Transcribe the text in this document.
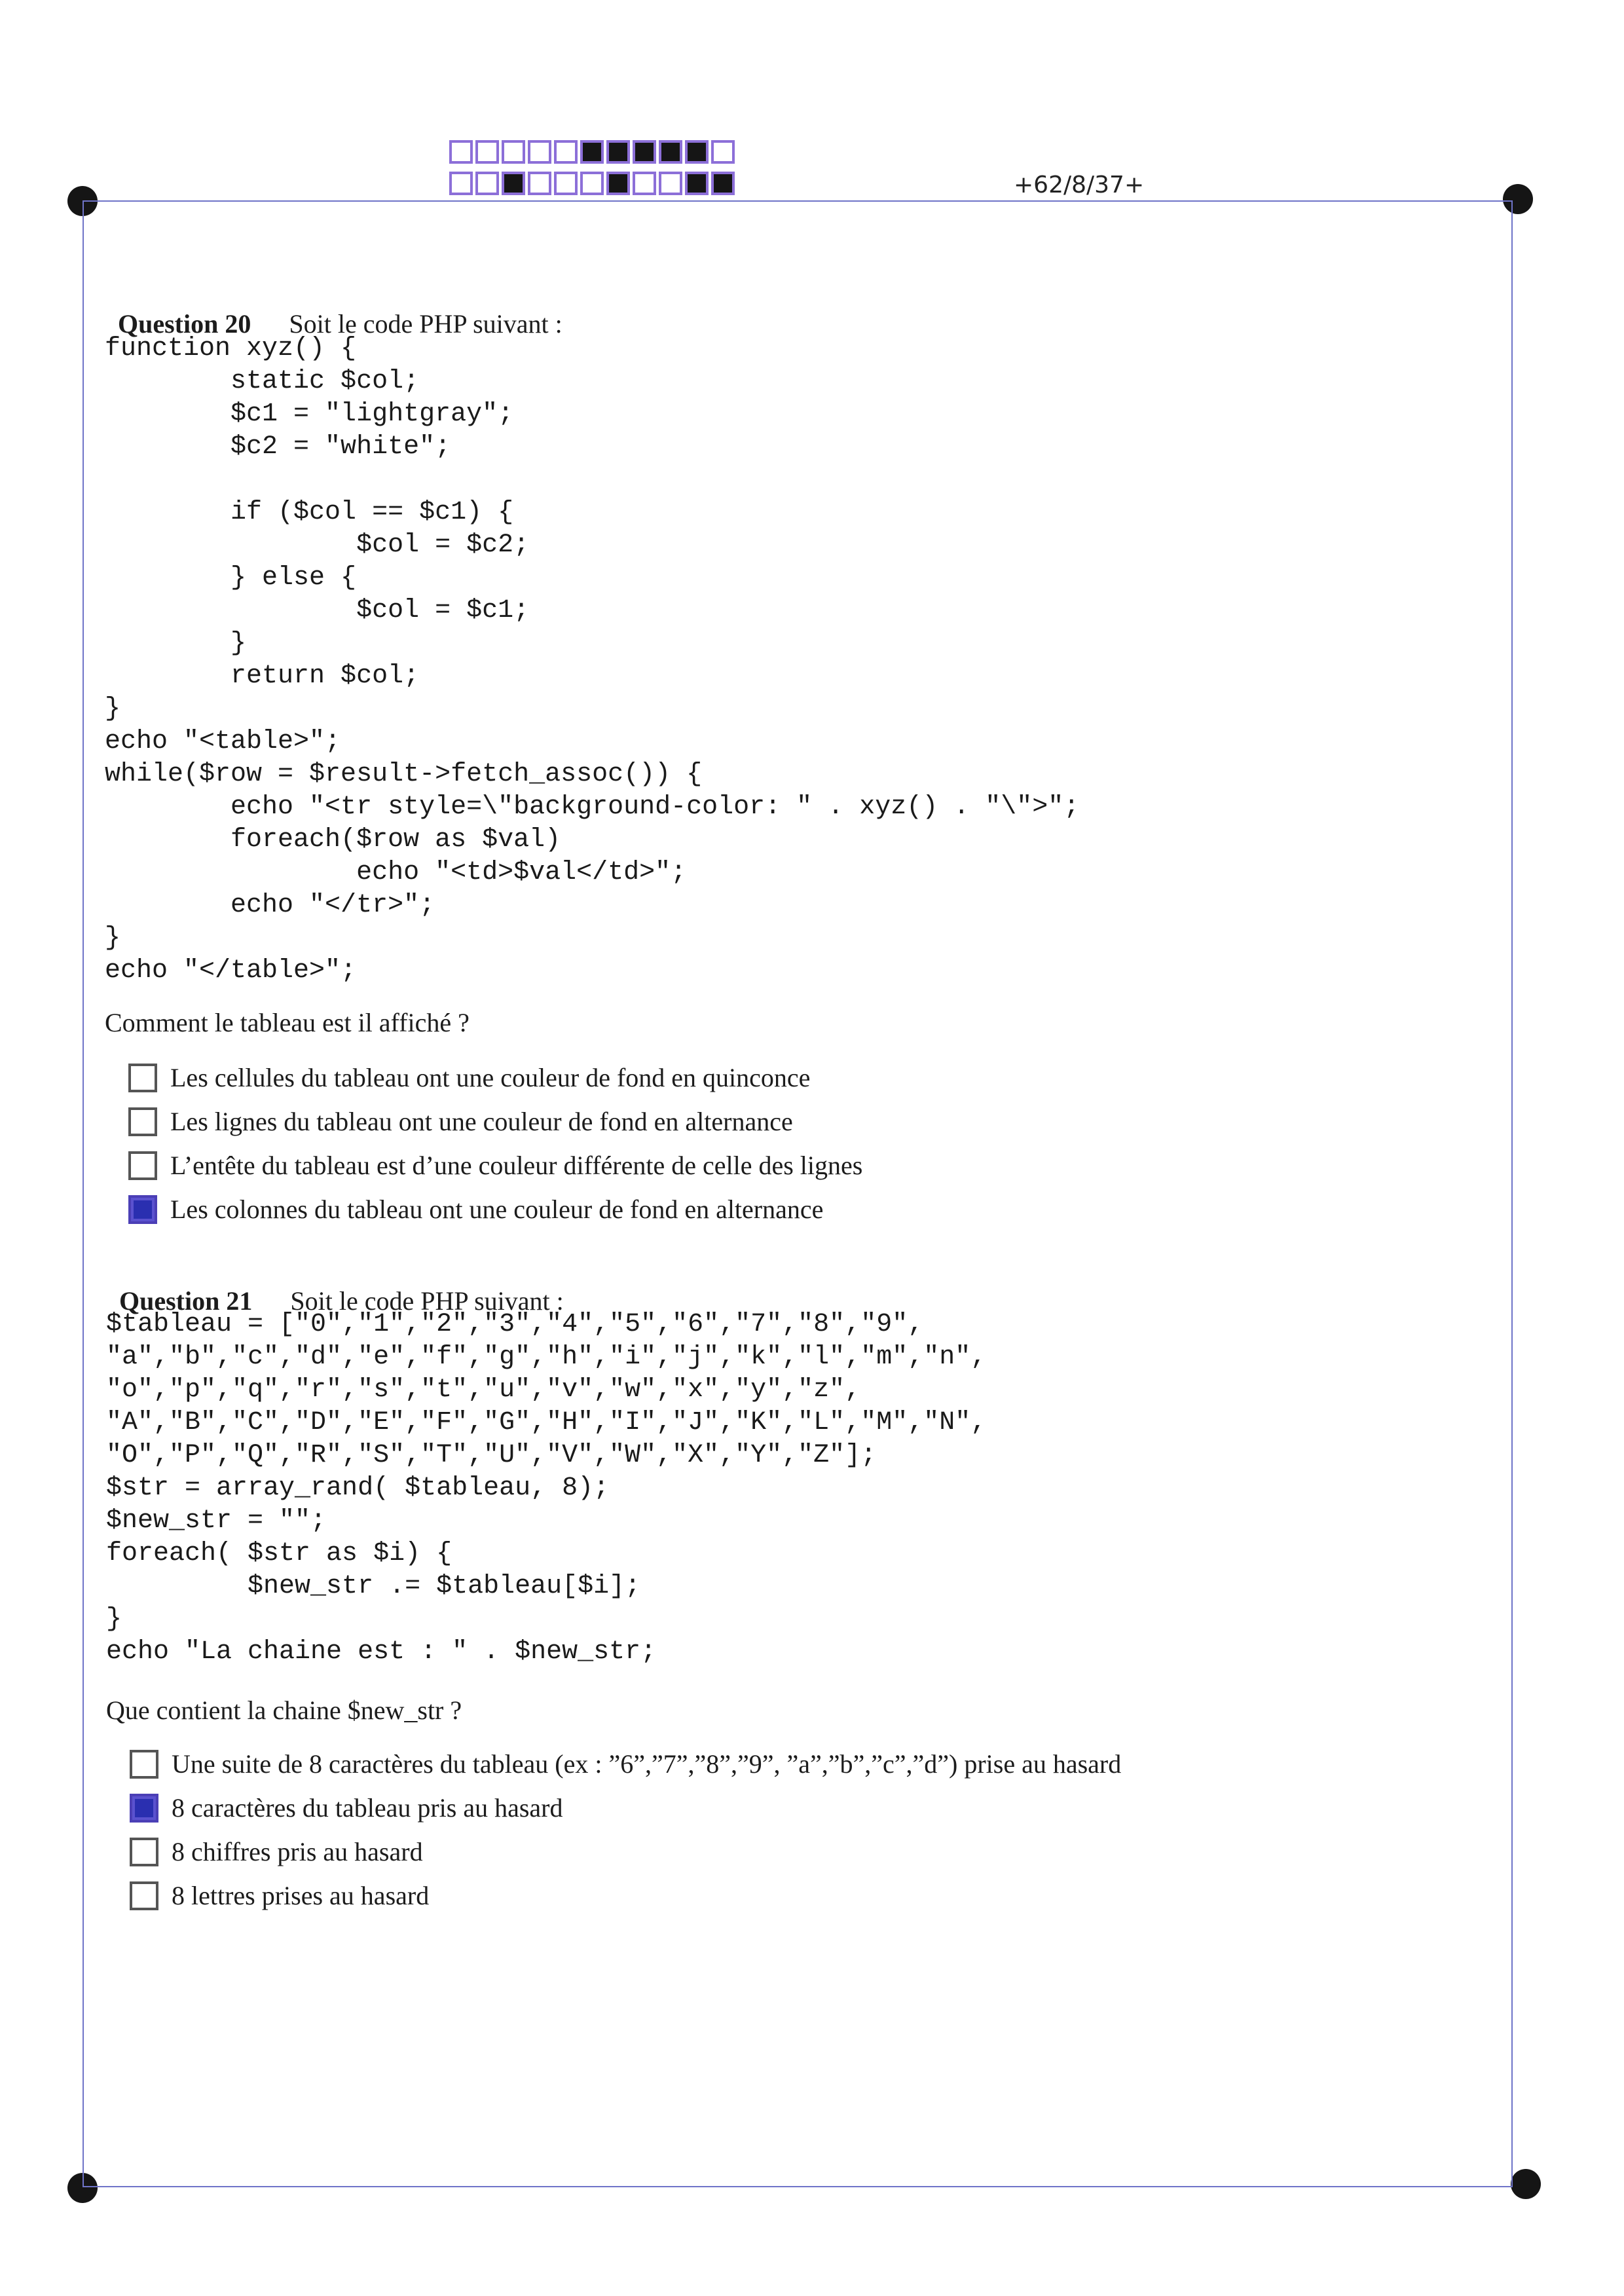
+62/8/37+

Question 20 Soit le code PHP suivant :

function xyz() {
static $col;
$c1 = "lightgray";
$c2 = "white";

if ($col == $c1) {
$col = $c2;
} else {
$col = $c1;
}
return $col;
}
echo "<table>";
while($row = $result->fetch_assoc()) {
echo "<tr style=\"background-color: " . xyz() . "\">";
foreach($row as $val)
echo "<td>$val</td>";
echo "</tr>";
}
echo "</table>";
Comment le tableau est il affiché ?
Les cellules du tableau ont une couleur de fond en quinconce
Les lignes du tableau ont une couleur de fond en alternance
L’entête du tableau est d’une couleur différente de celle des lignes
Les colonnes du tableau ont une couleur de fond en alternance

Question 21 Soit le code PHP suivant :

$tableau = ["0","1","2","3","4","5","6","7","8","9",
"a","b","c","d","e","f","g","h","i","j","k","l","m","n",
"o","p","q","r","s","t","u","v","w","x","y","z",
"A","B","C","D","E","F","G","H","I","J","K","L","M","N",
"O","P","Q","R","S","T","U","V","W","X","Y","Z"];
$str = array_rand( $tableau, 8);
$new_str = "";
foreach( $str as $i) {
$new_str .= $tableau[$i];
}
echo "La chaine est : " . $new_str;
Que contient la chaine $new_str ?
Une suite de 8 caractères du tableau (ex : ”6”,”7”,”8”,”9”, ”a”,”b”,”c”,”d”) prise au hasard
8 caractères du tableau pris au hasard
8 chiffres pris au hasard
8 lettres prises au hasard
